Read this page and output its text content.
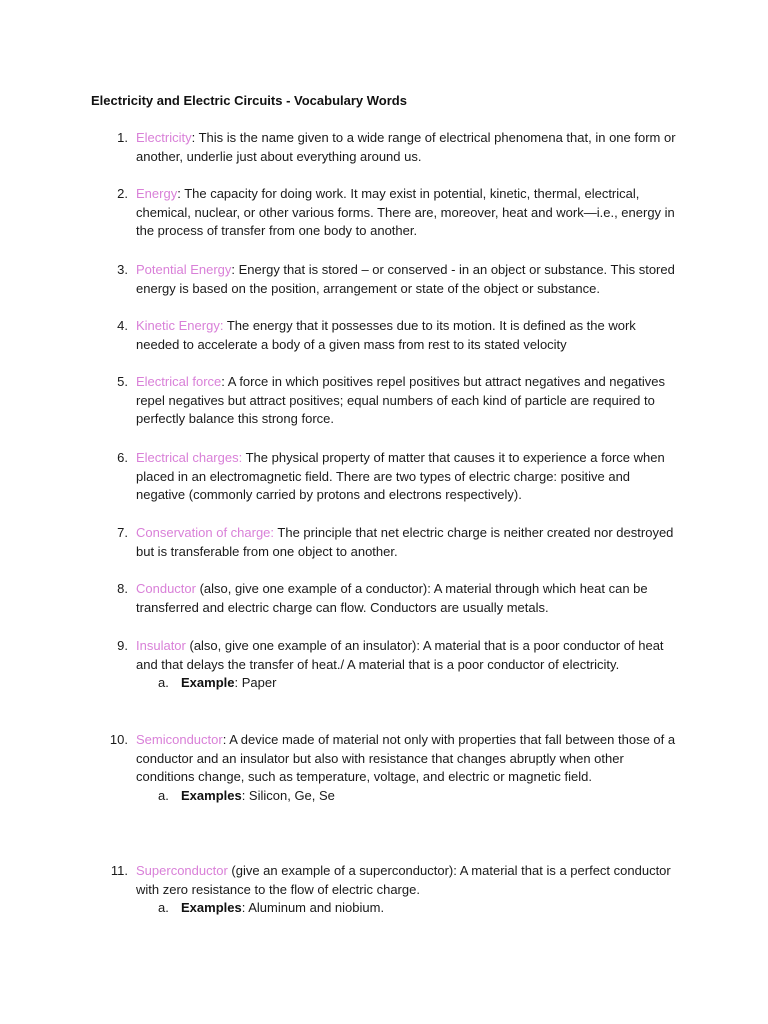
Electricity and Electric Circuits - Vocabulary Words
1. Electricity: This is the name given to a wide range of electrical phenomena that, in one form or another, underlie just about everything around us.
2. Energy: The capacity for doing work. It may exist in potential, kinetic, thermal, electrical, chemical, nuclear, or other various forms. There are, moreover, heat and work—i.e., energy in the process of transfer from one body to another.
3. Potential Energy: Energy that is stored – or conserved - in an object or substance. This stored energy is based on the position, arrangement or state of the object or substance.
4. Kinetic Energy: The energy that it possesses due to its motion. It is defined as the work needed to accelerate a body of a given mass from rest to its stated velocity
5. Electrical force: A force in which positives repel positives but attract negatives and negatives repel negatives but attract positives; equal numbers of each kind of particle are required to perfectly balance this strong force.
6. Electrical charges: The physical property of matter that causes it to experience a force when placed in an electromagnetic field. There are two types of electric charge: positive and negative (commonly carried by protons and electrons respectively).
7. Conservation of charge: The principle that net electric charge is neither created nor destroyed but is transferable from one object to another.
8. Conductor (also, give one example of a conductor): A material through which heat can be transferred and electric charge can flow. Conductors are usually metals.
9. Insulator (also, give one example of an insulator): A material that is a poor conductor of heat and that delays the transfer of heat./ A material that is a poor conductor of electricity.
a. Example: Paper
10. Semiconductor: A device made of material not only with properties that fall between those of a conductor and an insulator but also with resistance that changes abruptly when other conditions change, such as temperature, voltage, and electric or magnetic field.
a. Examples: Silicon, Ge, Se
11. Superconductor (give an example of a superconductor): A material that is a perfect conductor with zero resistance to the flow of electric charge.
a. Examples: Aluminum and niobium.
